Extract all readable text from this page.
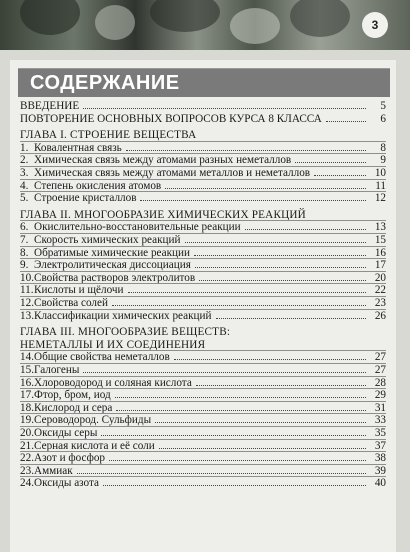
3
СОДЕРЖАНИЕ
ВВЕДЕНИЕ	5
ПОВТОРЕНИЕ ОСНОВНЫХ ВОПРОСОВ КУРСА 8 КЛАССА	6
ГЛАВА I. СТРОЕНИЕ ВЕЩЕСТВА
1. Ковалентная связь	8
2. Химическая связь между атомами разных неметаллов	9
3. Химическая связь между атомами металлов и неметаллов	10
4. Степень окисления атомов	11
5. Строение кристаллов	12
ГЛАВА II. МНОГООБРАЗИЕ ХИМИЧЕСКИХ РЕАКЦИЙ
6. Окислительно-восстановительные реакции	13
7. Скорость химических реакций	15
8. Обратимые химические реакции	16
9. Электролитическая диссоциация	17
10. Свойства растворов электролитов	20
11. Кислоты и щёлочи	22
12. Свойства солей	23
13. Классификации химических реакций	26
ГЛАВА III. МНОГООБРАЗИЕ ВЕЩЕСТВ:
НЕМЕТАЛЛЫ И ИХ СОЕДИНЕНИЯ
14. Общие свойства неметаллов	27
15. Галогены	27
16. Хлороводород и соляная кислота	28
17. Фтор, бром, иод	29
18. Кислород и сера	31
19. Сероводород. Сульфиды	33
20. Оксиды серы	35
21. Серная кислота и её соли	37
22. Азот и фосфор	38
23. Аммиак	39
24. Оксиды азота	40
